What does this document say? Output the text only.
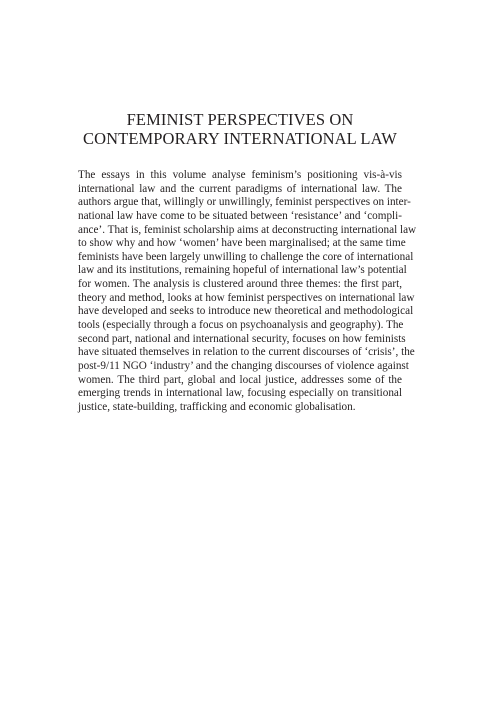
FEMINIST PERSPECTIVES ON
CONTEMPORARY INTERNATIONAL LAW
The essays in this volume analyse feminism’s positioning vis-à-vis
international law and the current paradigms of international law. The
authors argue that, willingly or unwillingly, feminist perspectives on inter-
national law have come to be situated between ‘resistance’ and ‘compli-
ance’. That is, feminist scholarship aims at deconstructing international law
to show why and how ‘women’ have been marginalised; at the same time
feminists have been largely unwilling to challenge the core of international
law and its institutions, remaining hopeful of international law’s potential
for women. The analysis is clustered around three themes: the first part,
theory and method, looks at how feminist perspectives on international law
have developed and seeks to introduce new theoretical and methodological
tools (especially through a focus on psychoanalysis and geography). The
second part, national and international security, focuses on how feminists
have situated themselves in relation to the current discourses of ‘crisis’, the
post-9/11 NGO ‘industry’ and the changing discourses of violence against
women. The third part, global and local justice, addresses some of the
emerging trends in international law, focusing especially on transitional
justice, state-building, trafficking and economic globalisation.
